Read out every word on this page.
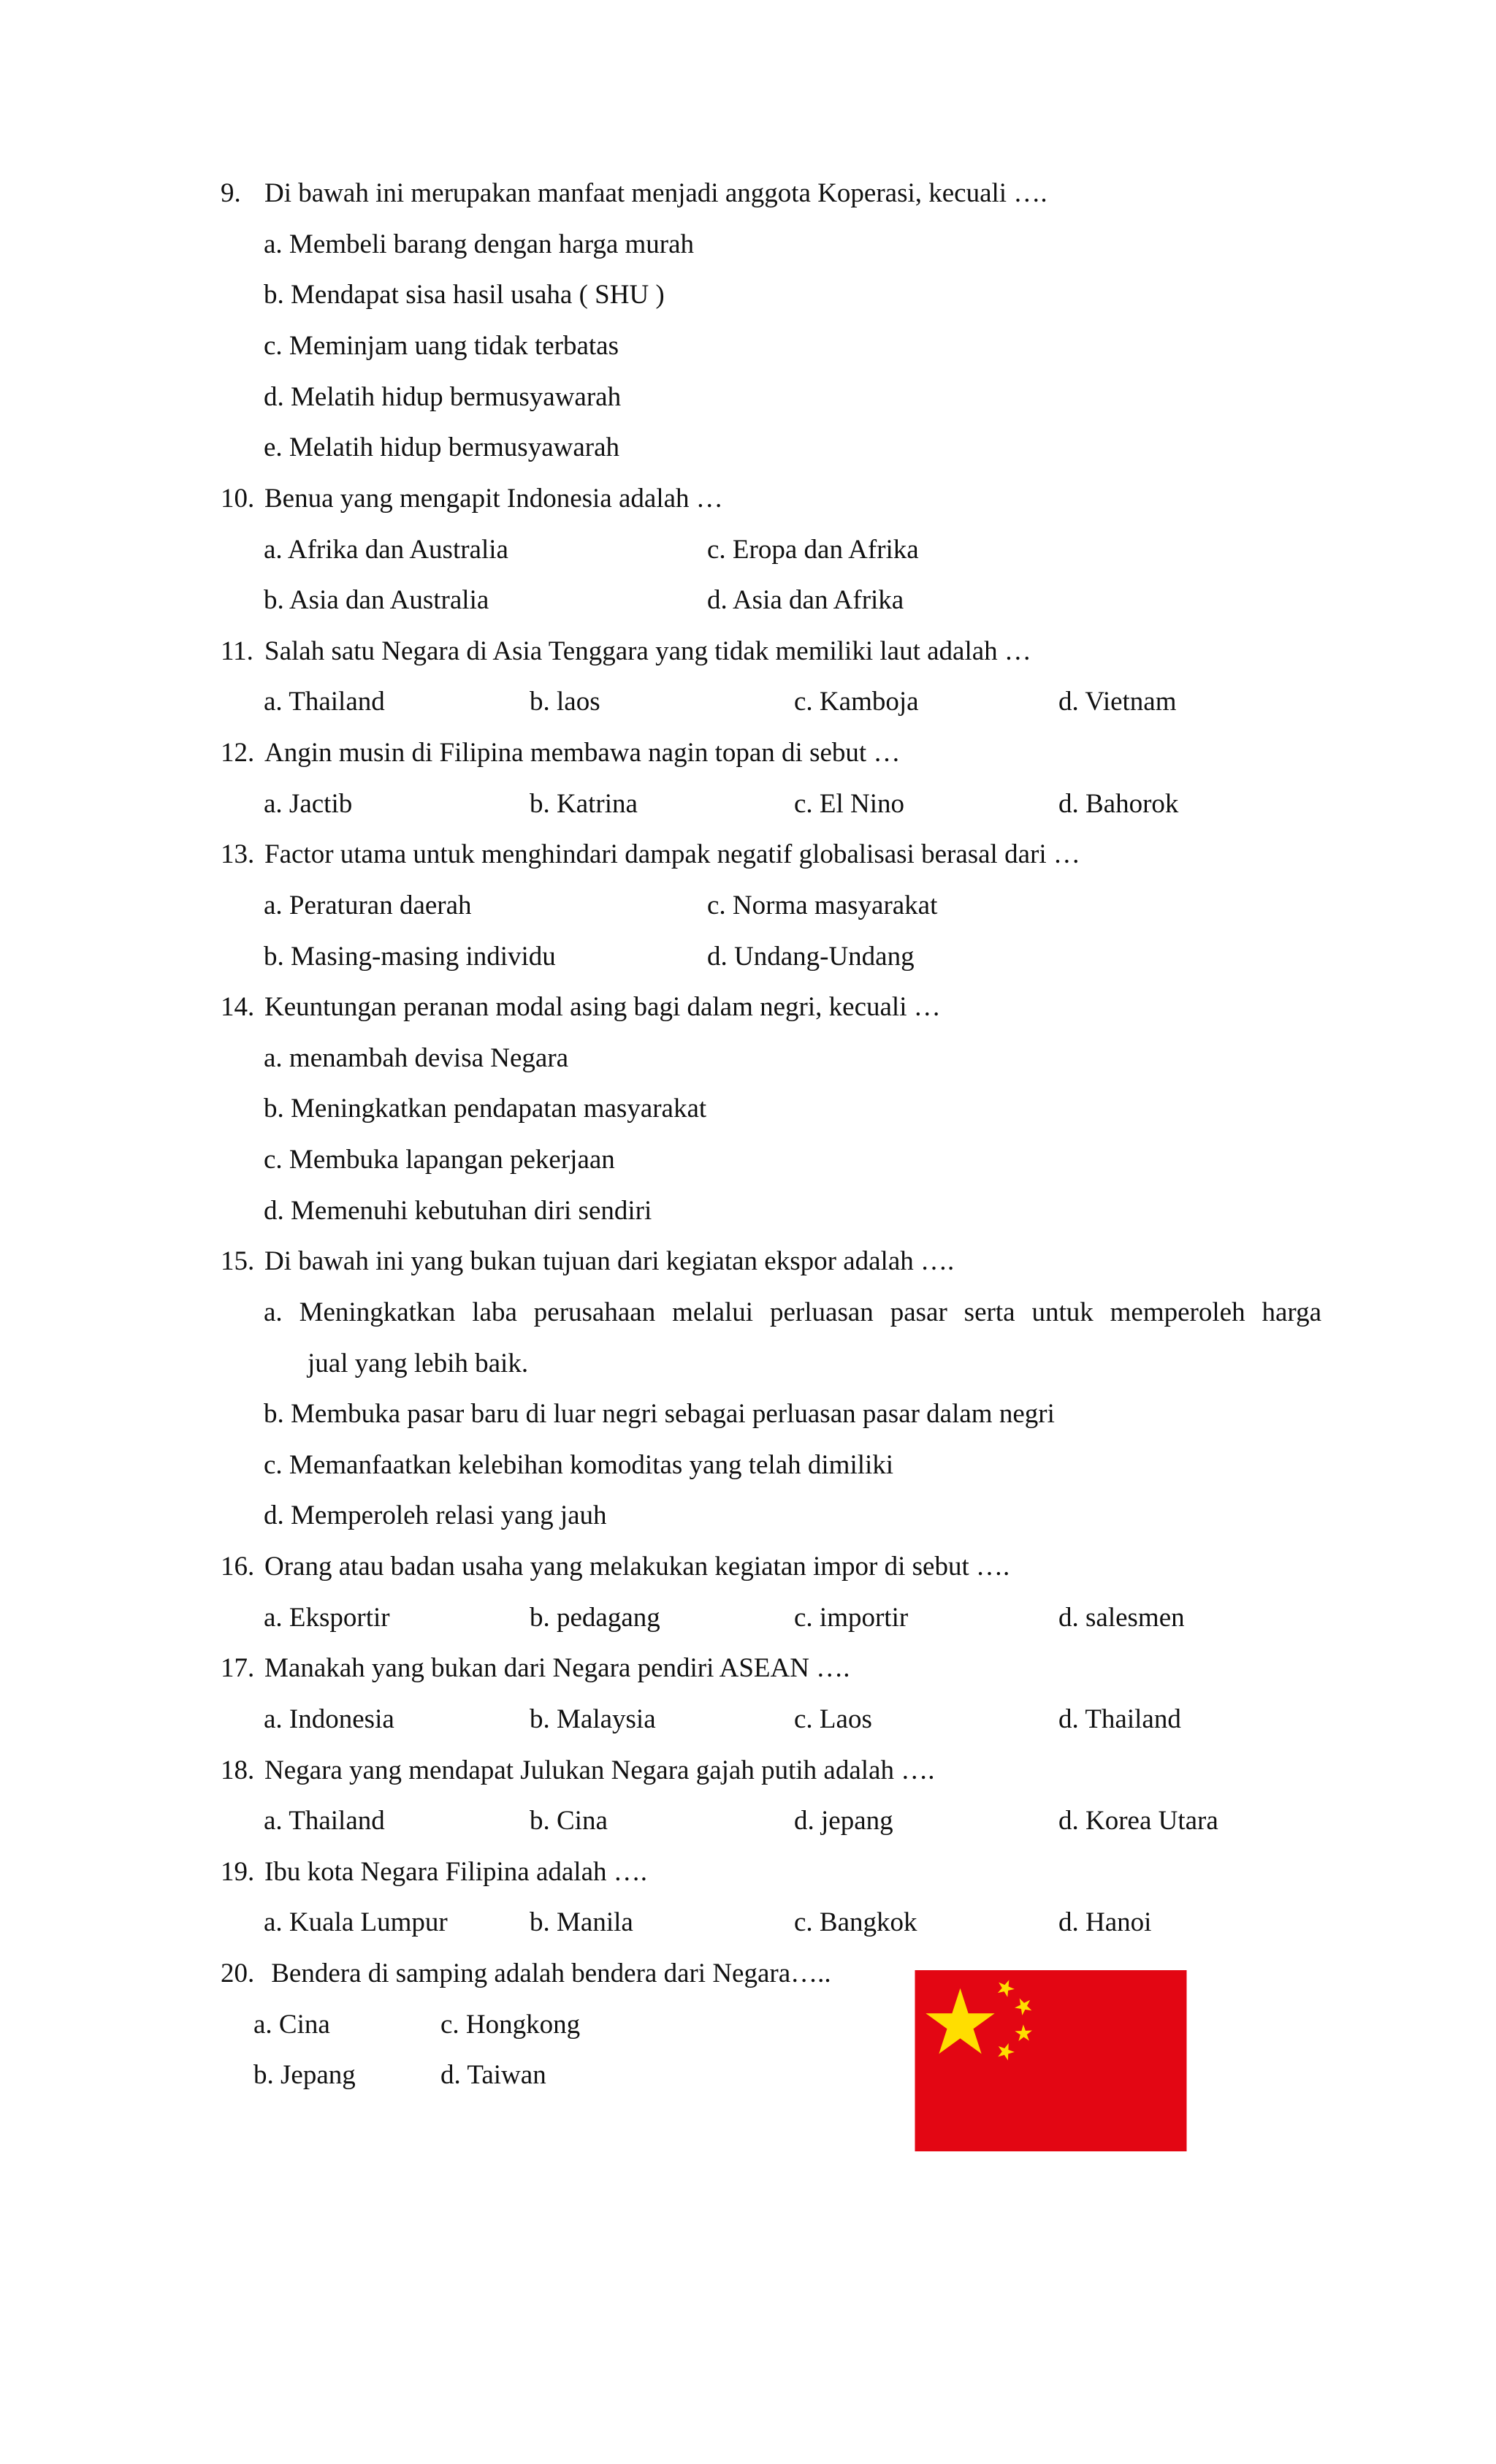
9. Di bawah ini merupakan manfaat menjadi anggota Koperasi, kecuali ….
a. Membeli barang dengan harga murah
b. Mendapat sisa hasil usaha ( SHU )
c. Meminjam uang tidak terbatas
d. Melatih hidup bermusyawarah
e. Melatih hidup bermusyawarah
10. Benua yang mengapit Indonesia adalah …
a. Afrika dan Australia	c. Eropa dan Afrika
b. Asia dan Australia	d. Asia dan Afrika
11. Salah satu Negara di Asia Tenggara yang tidak memiliki laut adalah …
a. Thailand	b. laos	c. Kamboja	d. Vietnam
12. Angin musin di Filipina membawa nagin topan di sebut …
a. Jactib	b. Katrina	c. El Nino	d. Bahorok
13. Factor utama untuk menghindari dampak negatif globalisasi berasal dari …
a. Peraturan daerah	c. Norma masyarakat
b. Masing-masing individu	d. Undang-Undang
14. Keuntungan peranan modal asing bagi dalam negri, kecuali …
a. menambah devisa Negara
b. Meningkatkan pendapatan masyarakat
c. Membuka lapangan pekerjaan
d. Memenuhi kebutuhan diri sendiri
15. Di bawah ini yang bukan tujuan dari kegiatan ekspor adalah ….
a. Meningkatkan laba perusahaan melalui perluasan pasar serta untuk memperoleh harga
jual yang lebih baik.
b. Membuka pasar baru di luar negri sebagai perluasan pasar dalam negri
c. Memanfaatkan kelebihan komoditas yang telah dimiliki
d. Memperoleh relasi yang jauh
16. Orang atau badan usaha yang melakukan kegiatan impor di sebut ….
a. Eksportir	b. pedagang	c. importir	d. salesmen
17. Manakah yang bukan dari Negara pendiri ASEAN ….
a. Indonesia	b. Malaysia	c. Laos	d. Thailand
18. Negara yang mendapat Julukan Negara gajah putih adalah ….
a. Thailand	b. Cina	d. jepang	d. Korea Utara
19. Ibu kota Negara Filipina adalah ….
a. Kuala Lumpur	b. Manila	c. Bangkok	d. Hanoi
20. Bendera di samping adalah bendera dari Negara…..
a. Cina	c. Hongkong
b. Jepang	d. Taiwan
